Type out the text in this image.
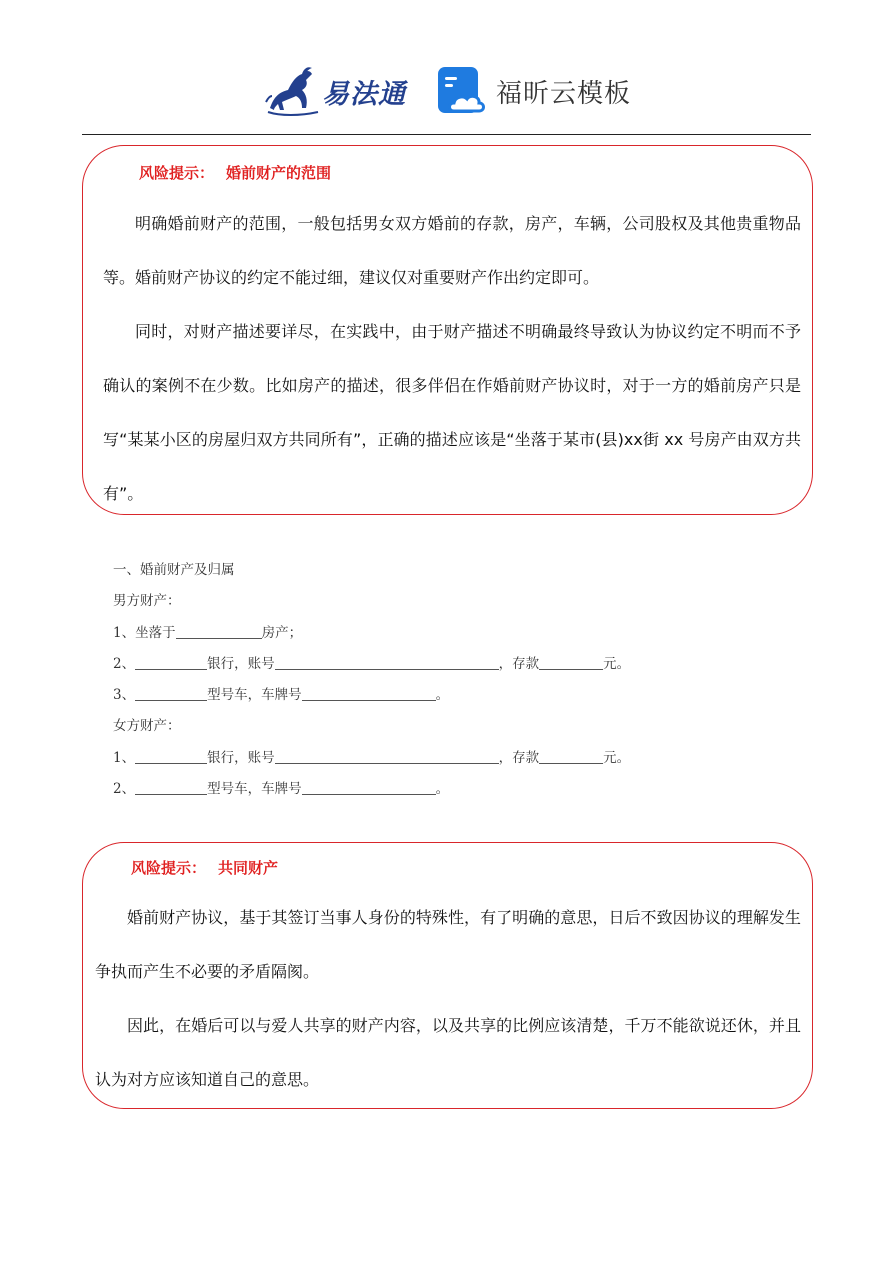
易法通	福昕云模板
风险提示： 婚前财产的范围

明确婚前财产的范围，一般包括男女双方婚前的存款，房产，车辆，公司股权及其他贵重物品等。婚前财产协议的约定不能过细，建议仅对重要财产作出约定即可。

同时，对财产描述要详尽，在实践中，由于财产描述不明确最终导致认为协议约定不明而不予确认的案例不在少数。比如房产的描述，很多伴侣在作婚前财产协议时，对于一方的婚前房产只是写“某某小区的房屋归双方共同所有”，正确的描述应该是“坐落于某市(县)xx街 xx 号房产由双方共有”。

一、婚前财产及归属
男方财产：
1、坐落于	房产；
2、	银行，账号	，存款	元。
3、	型号车，车牌号	。
女方财产：
1、	银行，账号	，存款	元。
2、	型号车，车牌号	。
风险提示： 共同财产

婚前财产协议，基于其签订当事人身份的特殊性，有了明确的意思，日后不致因协议的理解发生争执而产生不必要的矛盾隔阂。

因此，在婚后可以与爱人共享的财产内容，以及共享的比例应该清楚，千万不能欲说还休，并且认为对方应该知道自己的意思。
